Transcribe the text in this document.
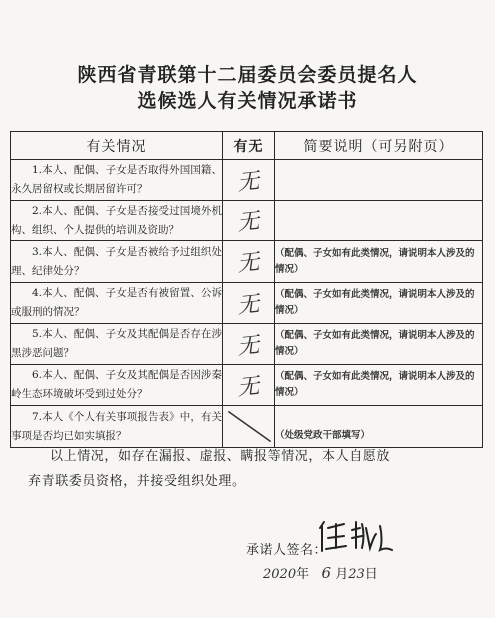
陕西省青联第十二届委员会委员提名人
选候选人有关情况承诺书
有关情况	有无	简要说明（可另附页）
1.本人、配偶、子女是否取得外国国籍、永久居留权或长期居留许可？	无	
2.本人、配偶、子女是否接受过国境外机构、组织、个人提供的培训及资助？	无	
3.本人、配偶、子女是否被给予过组织处理、纪律处分？	无	（配偶、子女如有此类情况，请说明本人涉及的情况）
4.本人、配偶、子女是否有被留置、公诉或服刑的情况？	无	（配偶、子女如有此类情况，请说明本人涉及的情况）
5.本人、配偶、子女及其配偶是否存在涉黑涉恶问题？	无	（配偶、子女如有此类情况，请说明本人涉及的情况）
6.本人、配偶、子女及其配偶是否因涉秦岭生态环境破坏受到过处分？	无	（配偶、子女如有此类情况，请说明本人涉及的情况）
7.本人《个人有关事项报告表》中，有关事项是否均已如实填报？		（处级党政干部填写）
以上情况，如存在漏报、虚报、瞒报等情况，本人自愿放
弃青联委员资格，并接受组织处理。
承诺人签名：
2020年 6 月23日
